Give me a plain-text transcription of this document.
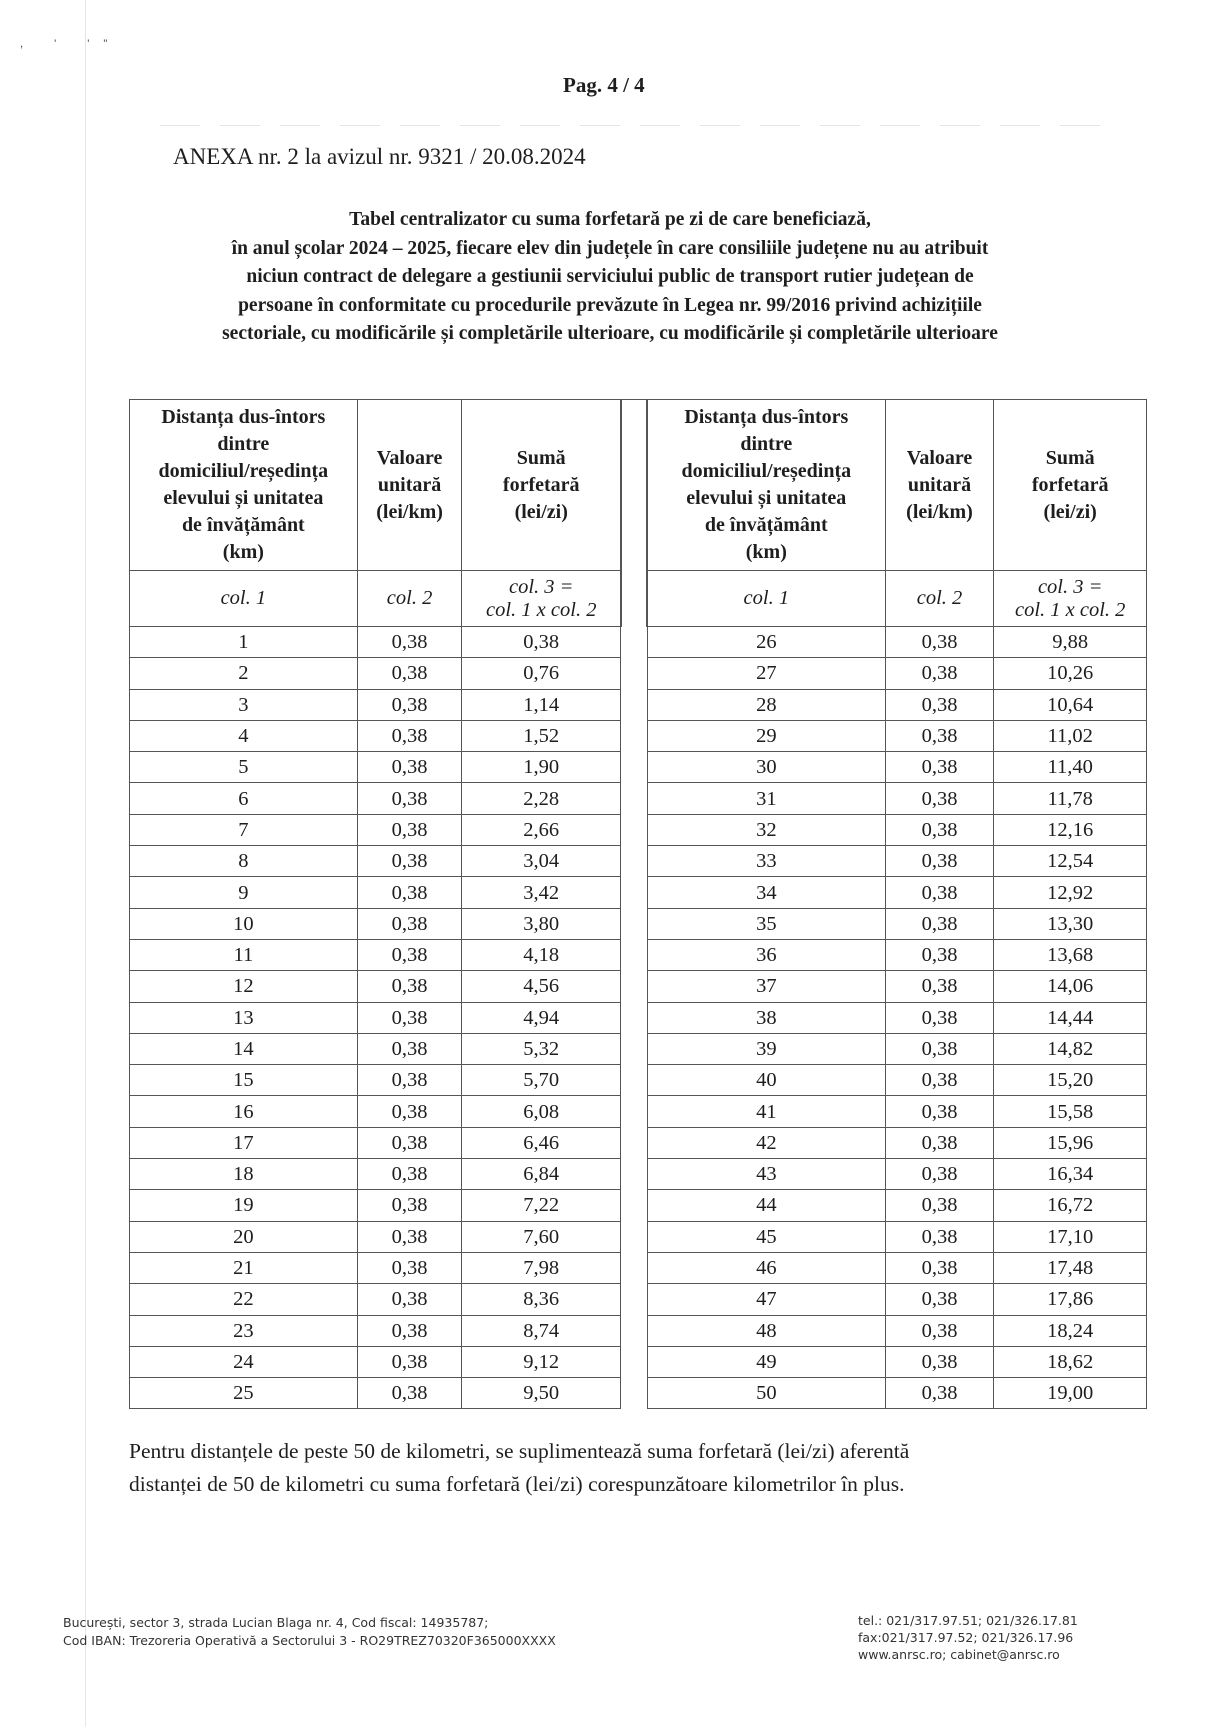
, ' '"
Pag. 4 / 4
ANEXA nr. 2 la avizul nr. 9321 / 20.08.2024
Tabel centralizator cu suma forfetară pe zi de care beneficiază,
în anul școlar 2024 – 2025, fiecare elev din județele în care consiliile județene nu au atribuit
niciun contract de delegare a gestiunii serviciului public de transport rutier județean de
persoane în conformitate cu procedurile prevăzute în Legea nr. 99/2016 privind achizițiile
sectoriale, cu modificările și completările ulterioare, cu modificările și completările ulterioare
Distanța dus-întors
dintre
domiciliul/reședința
elevului și unitatea
de învățământ
(km)

Valoare
unitară
(lei/km)

Sumă
forfetară
(lei/zi)

col. 1	col. 2	col. 3 =
col. 1 x col. 2

1	0,38	0,38
2	0,38	0,76
3	0,38	1,14
4	0,38	1,52
5	0,38	1,90
6	0,38	2,28
7	0,38	2,66
8	0,38	3,04
9	0,38	3,42
10	0,38	3,80
11	0,38	4,18
12	0,38	4,56
13	0,38	4,94
14	0,38	5,32
15	0,38	5,70
16	0,38	6,08
17	0,38	6,46
18	0,38	6,84
19	0,38	7,22
20	0,38	7,60
21	0,38	7,98
22	0,38	8,36
23	0,38	8,74
24	0,38	9,12
25	0,38	9,50
Distanța dus-întors
dintre
domiciliul/reședința
elevului și unitatea
de învățământ
(km)

Valoare
unitară
(lei/km)

Sumă
forfetară
(lei/zi)

col. 1	col. 2	col. 3 =
col. 1 x col. 2

26	0,38	9,88
27	0,38	10,26
28	0,38	10,64
29	0,38	11,02
30	0,38	11,40
31	0,38	11,78
32	0,38	12,16
33	0,38	12,54
34	0,38	12,92
35	0,38	13,30
36	0,38	13,68
37	0,38	14,06
38	0,38	14,44
39	0,38	14,82
40	0,38	15,20
41	0,38	15,58
42	0,38	15,96
43	0,38	16,34
44	0,38	16,72
45	0,38	17,10
46	0,38	17,48
47	0,38	17,86
48	0,38	18,24
49	0,38	18,62
50	0,38	19,00
Pentru distanțele de peste 50 de kilometri, se suplimentează suma forfetară (lei/zi) aferentă
distanței de 50 de kilometri cu suma forfetară (lei/zi) corespunzătoare kilometrilor în plus.
București, sector 3, strada Lucian Blaga nr. 4, Cod fiscal: 14935787;
Cod IBAN: Trezoreria Operativă a Sectorului 3 - RO29TREZ70320F365000XXXX
tel.: 021/317.97.51; 021/326.17.81
fax:021/317.97.52; 021/326.17.96
www.anrsc.ro; cabinet@anrsc.ro
